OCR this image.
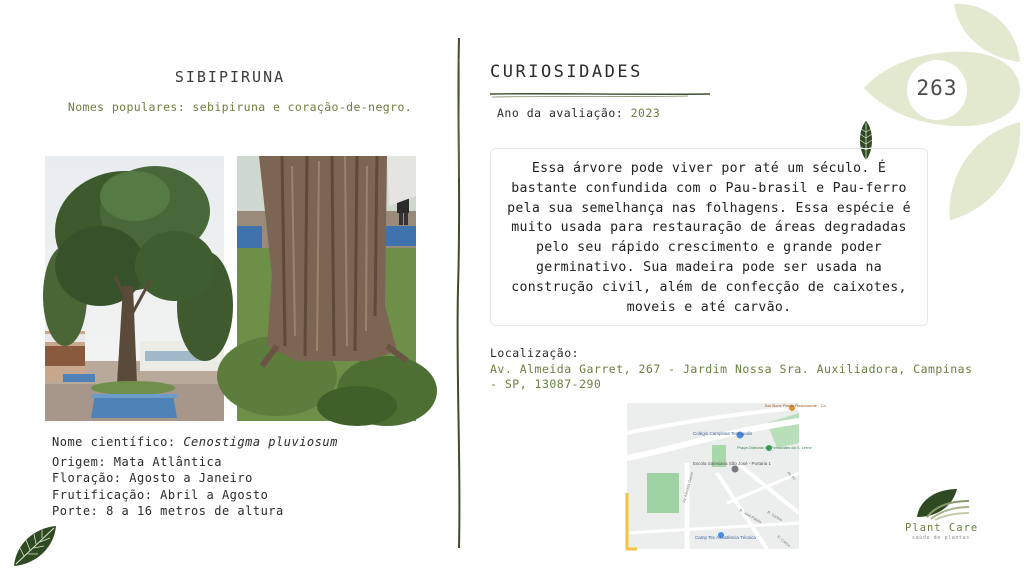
SIBIPIRUNA
Nomes populares: sebipiruna e coração-de-negro.
Nome científico: Cenostigma pluviosum
Origem: Mata Atlântica
Floração: Agosto a Janeiro
Frutificação: Abril a Agosto
Porte: 8 a 16 metros de altura
CURIOSIDADES
Ano da avaliação: 2023
Essa árvore pode viver por até um século. É bastante confundida com o Pau-brasil e Pau-ferro pela sua semelhança nas folhagens. Essa espécie é muito usada para restauração de áreas degradadas pelo seu rápido crescimento e grande poder germinativo. Sua madeira pode ser usada na construção civil, além de confecção de caixotes, moveis e até carvão.
Localização:
Av. Almeida Garret, 267 - Jardim Nossa Sra. Auxiliadora, Campinas - SP, 13087-290
Bar Bone Planta Restaurante - Ca
Colégio Campinas Tecnopolis
Praça Odenato Gil Fernandes da S. Leme
Escola Salesiana São José - Portaria 1
Camp Tec Assistência Técnica
Av. Almeida Garret
R. José Fidelis R. Santos
R. Carlos
Av. Av.
263
Plant Care
saúde de plantas
